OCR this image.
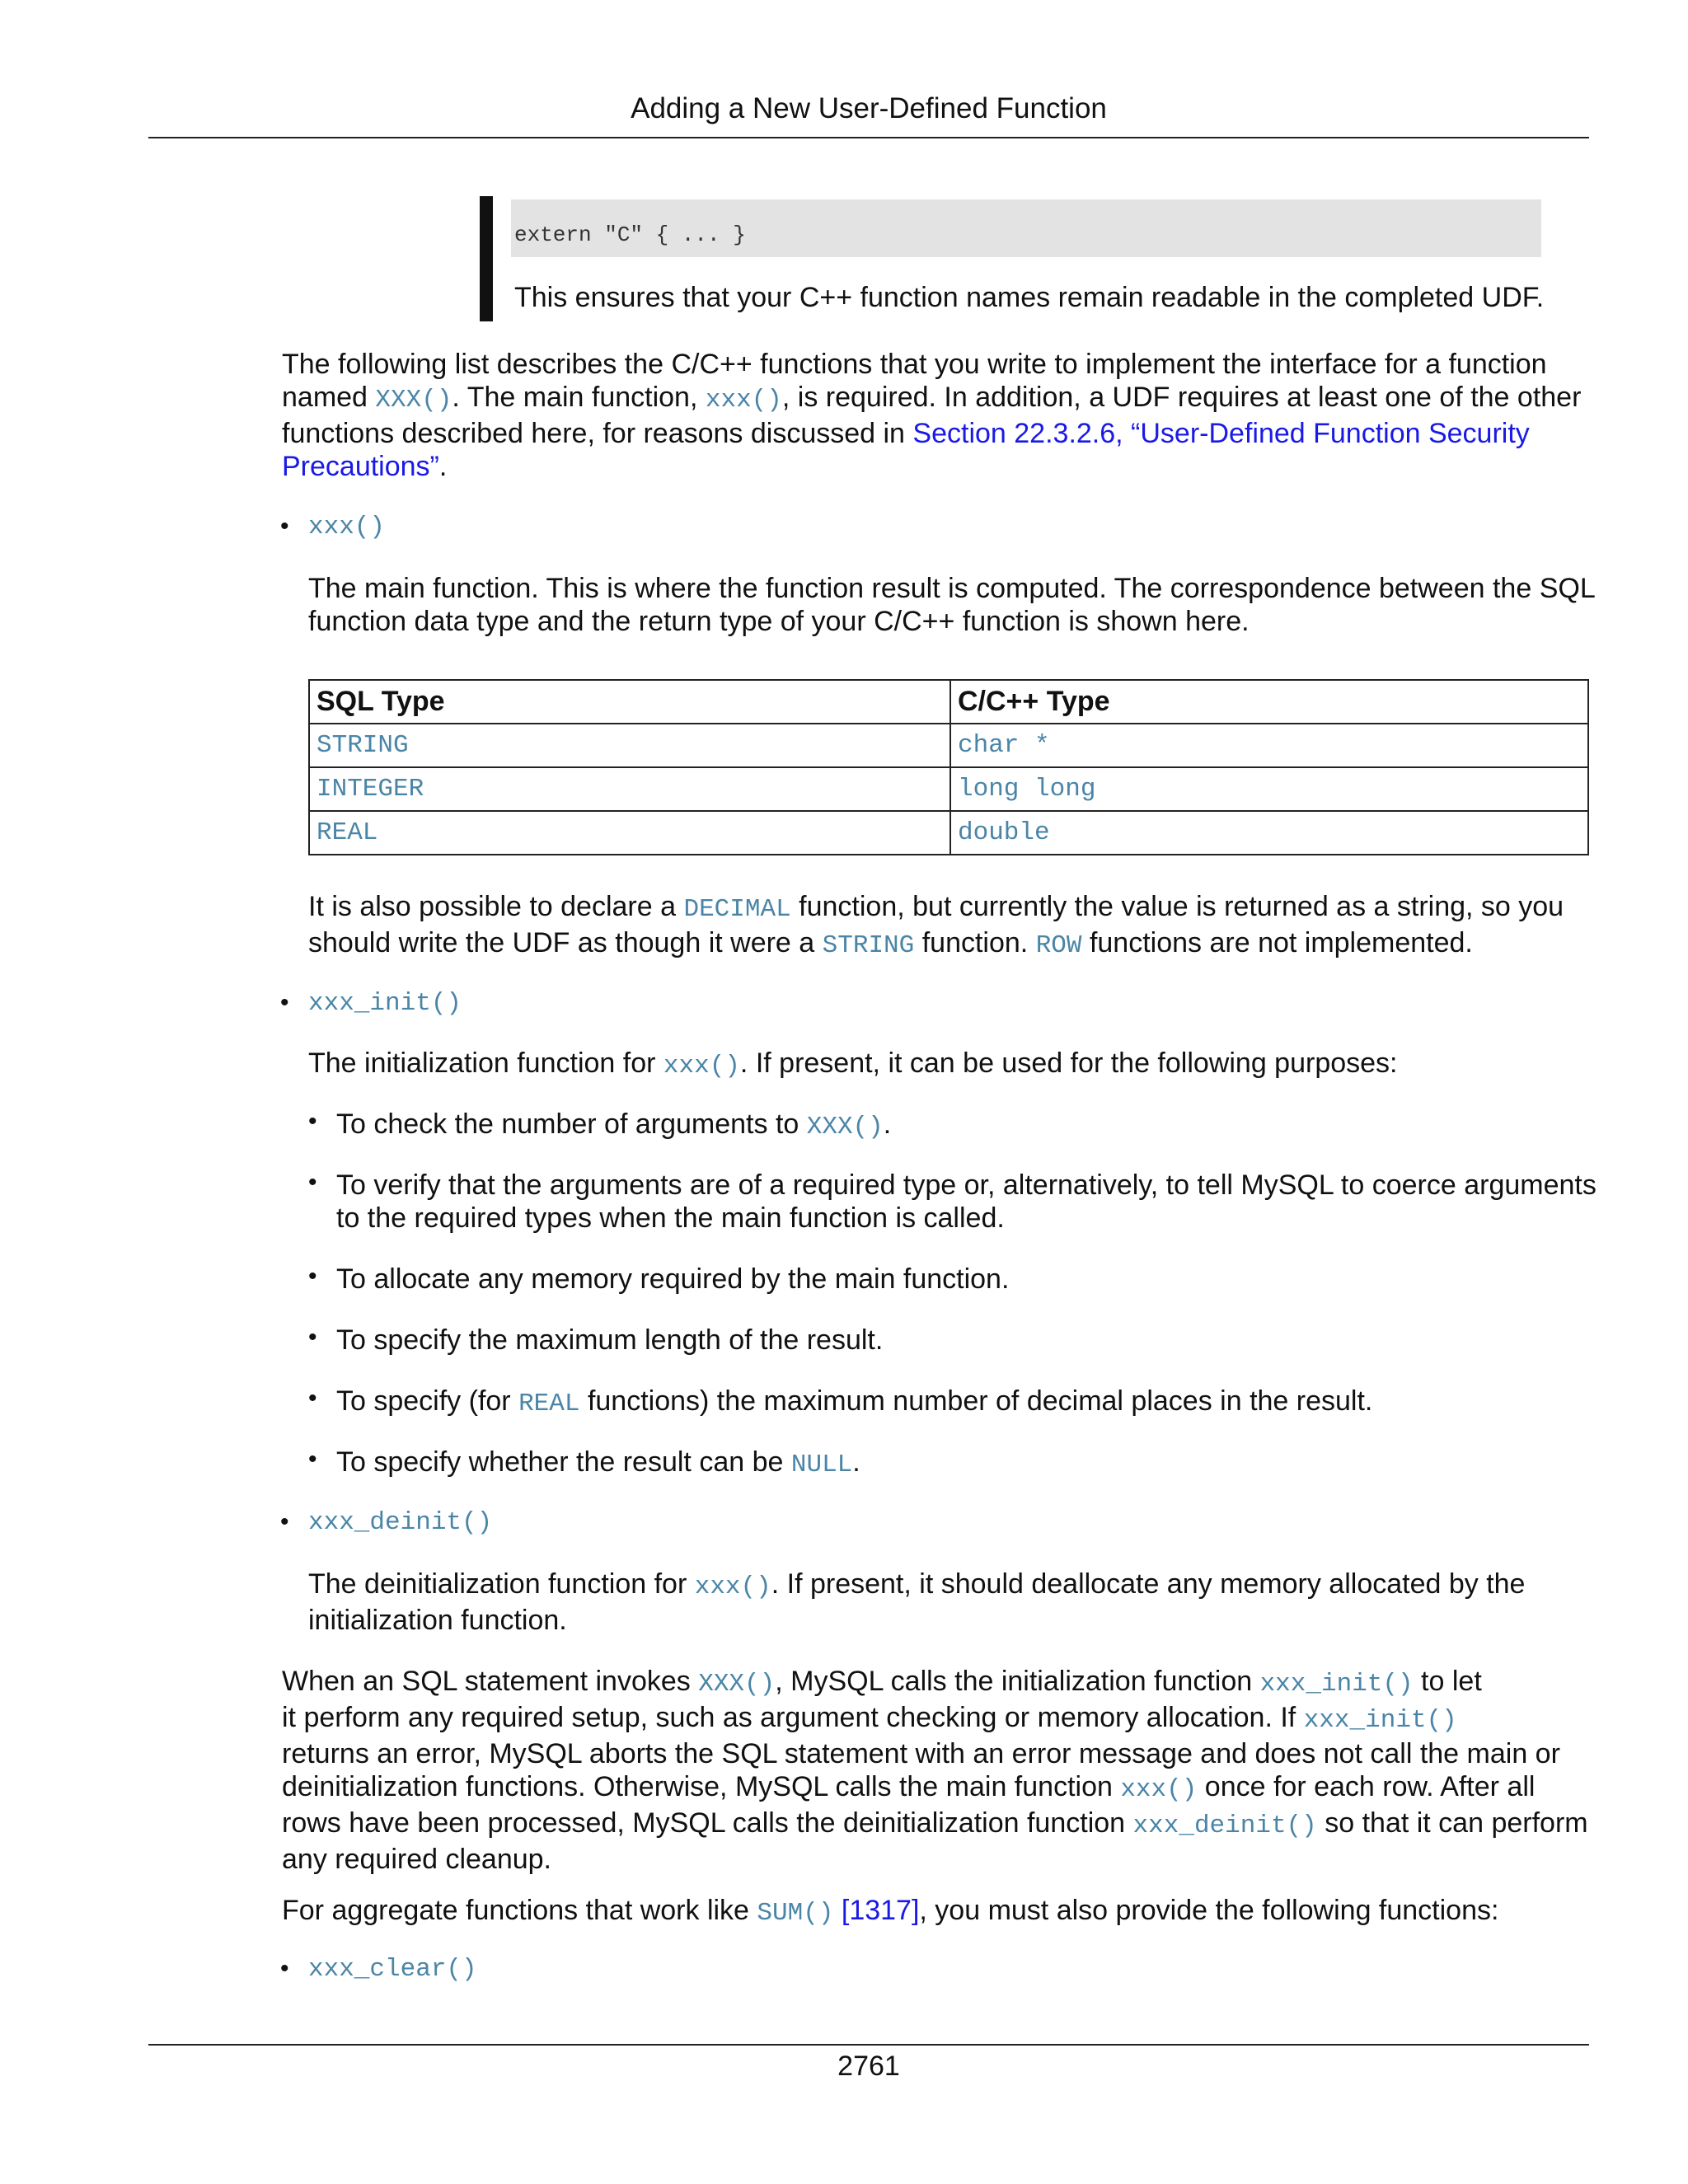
Adding a New User-Defined Function
extern "C" { ... }
This ensures that your C++ function names remain readable in the completed UDF.
The following list describes the C/C++ functions that you write to implement the interface for a function
named XXX(). The main function, xxx(), is required. In addition, a UDF requires at least one of the other
functions described here, for reasons discussed in Section 22.3.2.6, “User-Defined Function Security
Precautions”.
• xxx()
The main function. This is where the function result is computed. The correspondence between the SQL
function data type and the return type of your C/C++ function is shown here.
SQL Type	C/C++ Type
STRING	char *
INTEGER	long long
REAL	double
It is also possible to declare a DECIMAL function, but currently the value is returned as a string, so you
should write the UDF as though it were a STRING function. ROW functions are not implemented.
• xxx_init()
The initialization function for xxx(). If present, it can be used for the following purposes:
• To check the number of arguments to XXX().
• To verify that the arguments are of a required type or, alternatively, to tell MySQL to coerce arguments
to the required types when the main function is called.
• To allocate any memory required by the main function.
• To specify the maximum length of the result.
• To specify (for REAL functions) the maximum number of decimal places in the result.
• To specify whether the result can be NULL.
• xxx_deinit()
The deinitialization function for xxx(). If present, it should deallocate any memory allocated by the
initialization function.
When an SQL statement invokes XXX(), MySQL calls the initialization function xxx_init() to let
it perform any required setup, such as argument checking or memory allocation. If xxx_init()
returns an error, MySQL aborts the SQL statement with an error message and does not call the main or
deinitialization functions. Otherwise, MySQL calls the main function xxx() once for each row. After all
rows have been processed, MySQL calls the deinitialization function xxx_deinit() so that it can perform
any required cleanup.
For aggregate functions that work like SUM() [1317], you must also provide the following functions:
• xxx_clear()
2761
